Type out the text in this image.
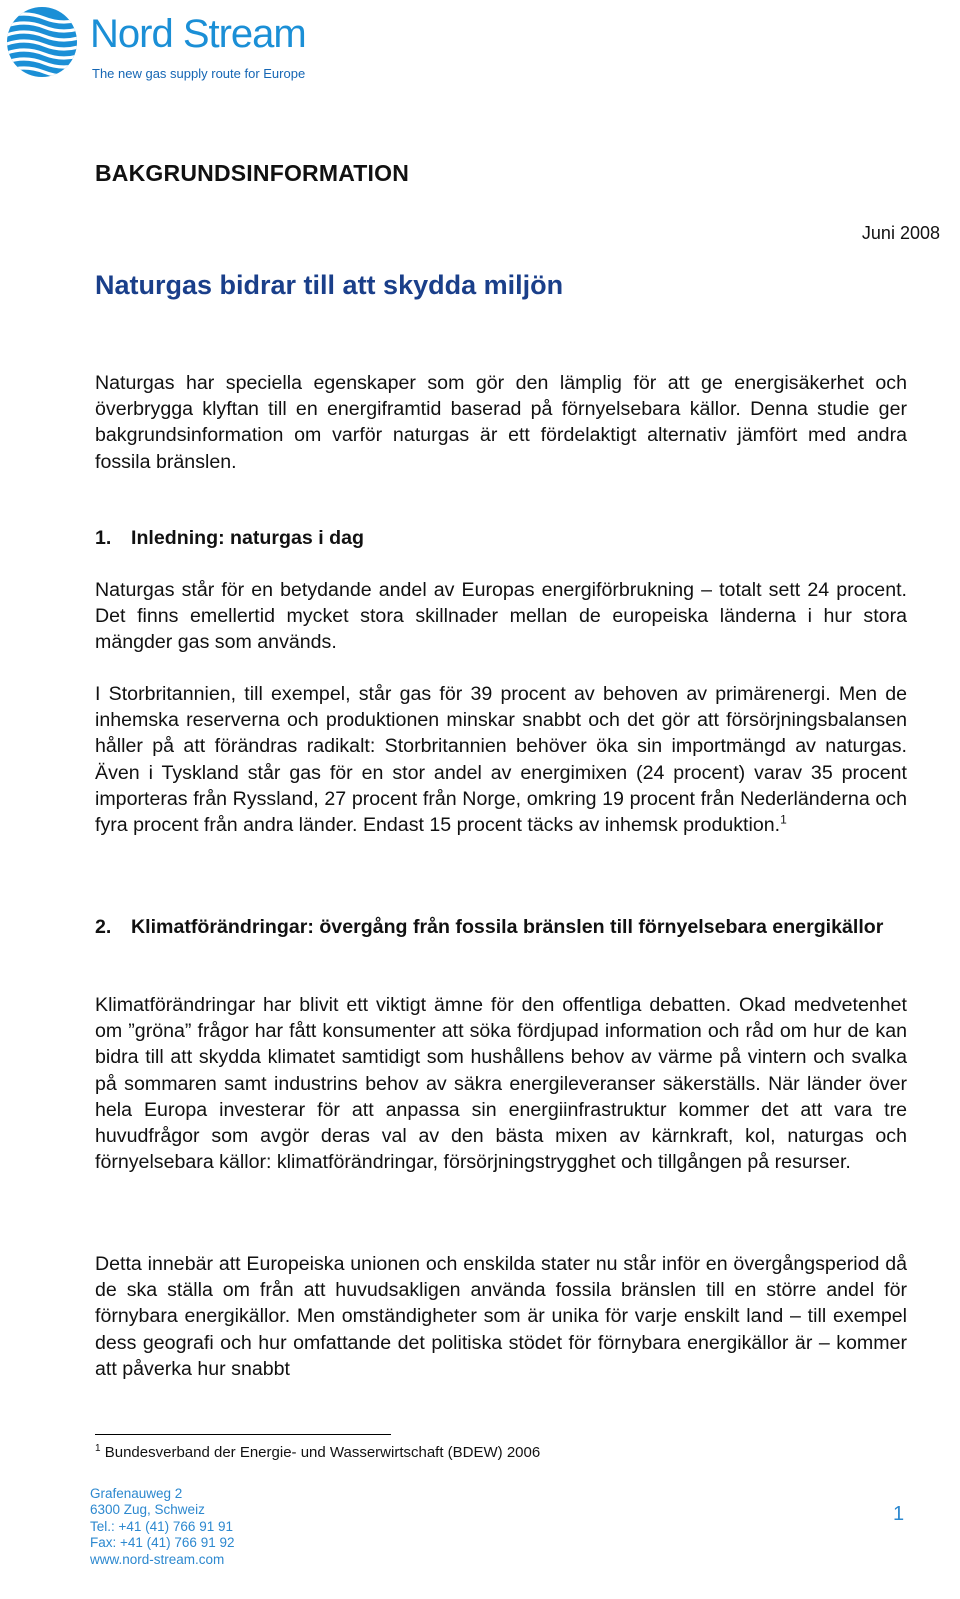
Nord Stream
The new gas supply route for Europe
BAKGRUNDSINFORMATION
Juni 2008
Naturgas bidrar till att skydda miljön

Naturgas har speciella egenskaper som gör den lämplig för att ge energisäkerhet och överbrygga klyftan till en energiframtid baserad på förnyelsebara källor. Denna studie ger bakgrundsinformation om varför naturgas är ett fördelaktigt alternativ jämfört med andra fossila bränslen.

1.	Inledning: naturgas i dag

Naturgas står för en betydande andel av Europas energiförbrukning – totalt sett 24 procent. Det finns emellertid mycket stora skillnader mellan de europeiska länderna i hur stora mängder gas som används.

I Storbritannien, till exempel, står gas för 39 procent av behoven av primärenergi. Men de inhemska reserverna och produktionen minskar snabbt och det gör att försörjningsbalansen håller på att förändras radikalt: Storbritannien behöver öka sin importmängd av naturgas. Även i Tyskland står gas för en stor andel av energimixen (24 procent) varav 35 procent importeras från Ryssland, 27 procent från Norge, omkring 19 procent från Nederländerna och fyra procent från andra länder. Endast 15 procent täcks av inhemsk produktion.$^1$

2.	Klimatförändringar: övergång från fossila bränslen till förnyelsebara energikällor

Klimatförändringar har blivit ett viktigt ämne för den offentliga debatten. Okad medvetenhet om ”gröna” frågor har fått konsumenter att söka fördjupad information och råd om hur de kan bidra till att skydda klimatet samtidigt som hushållens behov av värme på vintern och svalka på sommaren samt industrins behov av säkra energileveranser säkerställs. När länder över hela Europa investerar för att anpassa sin energiinfrastruktur kommer det att vara tre huvudfrågor som avgör deras val av den bästa mixen av kärnkraft, kol, naturgas och förnyelsebara källor: klimatförändringar, försörjningstrygghet och tillgången på resurser.

Detta innebär att Europeiska unionen och enskilda stater nu står inför en övergångsperiod då de ska ställa om från att huvudsakligen använda fossila bränslen till en större andel för förnybara energikällor. Men omständigheter som är unika för varje enskilt land – till exempel dess geografi och hur omfattande det politiska stödet för förnybara energikällor är – kommer att påverka hur snabbt

$^1$ Bundesverband der Energie- und Wasserwirtschaft (BDEW) 2006
Grafenauweg 2
6300 Zug, Schweiz
Tel.: +41 (41) 766 91 91
Fax: +41 (41) 766 91 92
www.nord-stream.com
1
